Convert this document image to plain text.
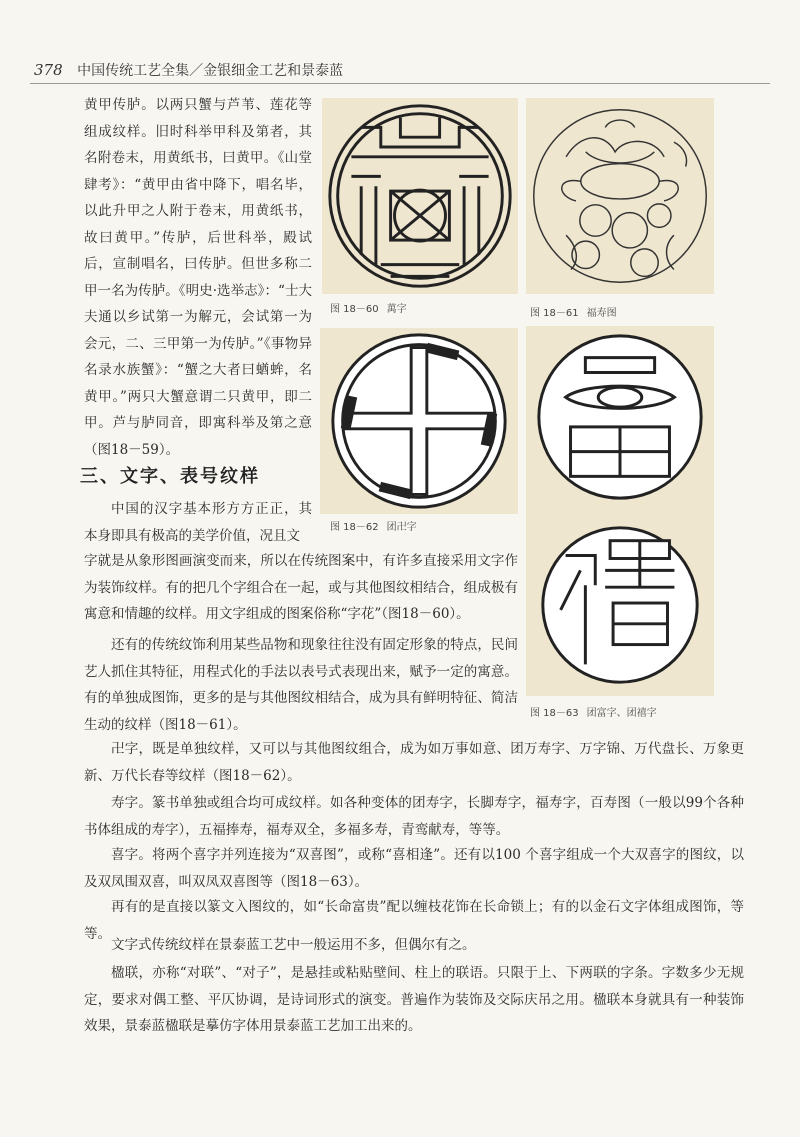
378 中国传统工艺全集／金银细金工艺和景泰蓝

黄甲传胪。以两只蟹与芦苇、莲花等组成纹样。旧时科举甲科及第者，其名附卷末，用黄纸书，曰黄甲。《山堂肆考》：“黄甲由省中降下，唱名毕，以此升甲之人附于卷末，用黄纸书，故曰黄甲。”传胪，后世科举，殿试后，宣制唱名，曰传胪。但世多称二甲一名为传胪。《明史·选举志》：“士大夫通以乡试第一为解元，会试第一为会元，二、三甲第一为传胪。”《事物异名录水族蟹》：“蟹之大者曰蝤蛑，名黄甲。”两只大蟹意谓二只黄甲，即二甲。芦与胪同音，即寓科举及第之意（图18－59）。

三、文字、表号纹样

中国的汉字基本形方方正正，其本身即具有极高的美学价值，况且文

字就是从象形图画演变而来，所以在传统图案中，有许多直接采用文字作为装饰纹样。有的把几个字组合在一起，或与其他图纹相结合，组成极有寓意和情趣的纹样。用文字组成的图案俗称“字花”（图18－60）。

还有的传统纹饰利用某些品物和现象往往没有固定形象的特点，民间艺人抓住其特征，用程式化的手法以表号式表现出来，赋予一定的寓意。有的单独成图饰，更多的是与其他图纹相结合，成为具有鲜明特征、简洁生动的纹样（图18－61）。

卍字，既是单独纹样，又可以与其他图纹组合，成为如万事如意、团万寿字、万字锦、万代盘长、万象更新、万代长春等纹样（图18－62）。

寿字。篆书单独或组合均可成纹样。如各种变体的团寿字，长脚寿字，福寿字，百寿图（一般以99个各种书体组成的寿字），五福捧寿，福寿双全，多福多寿，青鸾献寿，等等。

喜字。将两个喜字并列连接为“双喜图”，或称“喜相逢”。还有以100 个喜字组成一个大双喜字的图纹，以及双凤围双喜，叫双凤双喜图等（图18－63）。

再有的是直接以篆文入图纹的，如“长命富贵”配以缠枝花饰在长命锁上；有的以金石文字体组成图饰，等等。

文字式传统纹样在景泰蓝工艺中一般运用不多，但偶尔有之。

楹联，亦称“对联”、“对子”，是悬挂或粘贴壁间、柱上的联语。只限于上、下两联的字条。字数多少无规定，要求对偶工整、平仄协调，是诗词形式的演变。普遍作为装饰及交际庆吊之用。楹联本身就具有一种装饰效果，景泰蓝楹联是摹仿字体用景泰蓝工艺加工出来的。

图 18－60 萬字	图 18－61 福寿图
图 18－62 团卍字
图 18－63 团富字、团禧字
